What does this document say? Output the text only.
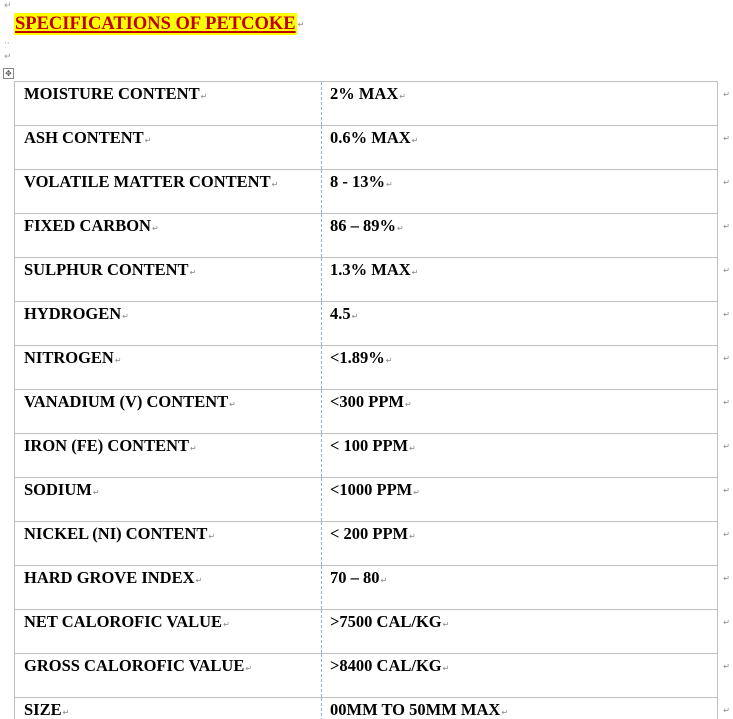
↵
SPECIFICATIONS OF PETCOKE ↵
··
↵
✥
MOISTURE CONTENT↵	2% MAX↵ ↵

ASH CONTENT↵	0.6% MAX↵ ↵

VOLATILE MATTER CONTENT↵	8 - 13%↵ ↵

FIXED CARBON↵	86 – 89%↵ ↵

SULPHUR CONTENT↵	1.3% MAX↵ ↵

HYDROGEN↵	4.5↵ ↵

NITROGEN↵	<1.89%↵ ↵

VANADIUM (V) CONTENT↵	<300 PPM↵ ↵

IRON (FE) CONTENT↵	< 100 PPM↵ ↵

SODIUM↵	<1000 PPM↵ ↵

NICKEL (NI) CONTENT↵	< 200 PPM↵ ↵

HARD GROVE INDEX↵	70 – 80↵ ↵

NET CALOROFIC VALUE↵	>7500 CAL/KG↵ ↵

GROSS CALOROFIC VALUE↵	>8400 CAL/KG↵ ↵

SIZE↵	00MM TO 50MM MAX↵ ↵
